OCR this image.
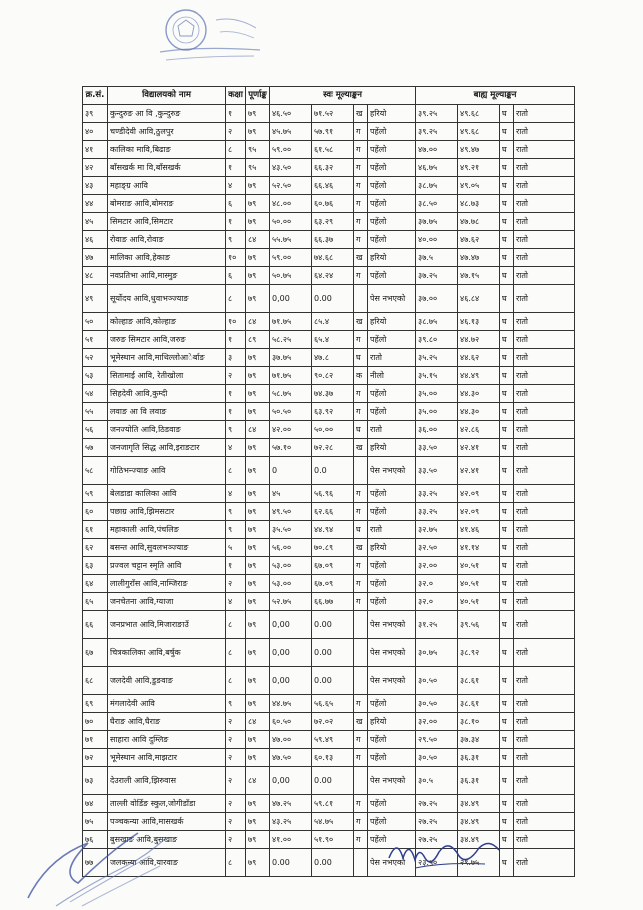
क्र.सं.	विद्यालयको नाम	कक्षा	पूर्णाङ्क	स्वः मूल्याङ्कन				बाह्य मूल्याङ्कन			
३९	कुन्दुरुङ आ वि ,कुन्दुरुङ	१	७९	४६.५०	७१.५२	ख	हरियो	३९.२५	४९.६८	घ	रातो
४०	चण्डीदेवी आवि,ठुलपुर	२	७९	४५.७५	५७.९१	ग	पहेंलो	३९.२५	४९.६८	घ	रातो
४१	कालिका मावि,बिढाङ	८	९५	५९.००	६१.५८	ग	पहेंलो	४७.००	४९.४७	घ	रातो
४२	बाँसखर्क मा वि,बाँसखर्क	१	९५	४३.५०	६६.३२	ग	पहेंलो	४६.७५	४९.२१	घ	रातो
४३	महाङ्ग्र आवि	४	७९	५२.५०	६६.४६	ग	पहेंलो	३८.७५	४९.०५	घ	रातो
४४	बोमराङ आवि,बोमराङ	६	७९	४८.००	६०.७६	ग	पहेंलो	३८.५०	४८.७३	घ	रातो
४५	सिमटार आवि,सिमटार	१	७९	५०.००	६३.२९	ग	पहेंलो	३७.७५	४७.७८	घ	रातो
४६	रोवाङ आवि,रोवाङ	९	८४	५५.७५	६६.३७	ग	पहेंलो	४०.००	४७.६२	घ	रातो
४७	मालिका आवि,हेकाङ	१०	७९	५९.००	७४.६८	ख	हरियो	३७.५	४७.४७	घ	रातो
४८	नवप्रतिभा आवि,मास्मुङ	६	७९	५०.७५	६४.२४	ग	पहेंलो	३७.२५	४७.१५	घ	रातो
४९	सूर्योदय आवि,धुवाभञ्ज्याङ	८	७९	0,00	0.00		पेस नभएको	३७.००	४६.८४	घ	रातो
५०	कोल्हाङ आवि,कोल्हाङ	१०	८४	७१.७५	८५.४	ख	हरियो	३८.७५	४६.१३	घ	रातो
५१	जरुङ सिमटार आवि,जरुङ	१	८९	५८.२५	६५.४	ग	पहेंलो	३९.८०	४४.७२	घ	रातो
५२	भूमेस्थान आवि,माथिल्लोआेर्बाङ	३	७९	३७.७५	४७.८	घ	रातो	३५.२५	४४.६२	घ	रातो
५३	सितामाई आवि, रेतीखोला	२	७९	७१.७५	९०.८२	क	नीलो	३५.१५	४४.४९	घ	रातो
५४	सिहदेवी आवि,कुम्दी	१	७९	५८.७५	७४.३७	ग	पहेंलो	३५.००	४४.३०	घ	रातो
५५	लवाङ आ वि लवाङ	१	७९	५०.५०	६३.९२	ग	पहेंलो	३५.००	४४.३०	घ	रातो
५६	जनज्योति आवि,ठिडवाङ	९	८४	४२.००	५०.००	घ	रातो	३६.००	४२.८६	घ	रातो
५७	जनजागृति सिद्ध आवि,इराङटार	४	७९	५७.१०	७२.२८	ख	हरियो	३३.५०	४२.४१	घ	रातो
५८	गोठिभन्ज्याङ आवि	८	७९	0	0.0		पेस नभएको	३३.५०	४२.४१	घ	रातो
५९	बेलडाडा कालिका आवि	४	७९	४५	५६.९६	ग	पहेंलो	३३.२५	४२.०९	घ	रातो
६०	पछाग्र आवि,झिमसटार	९	७९	४९.५०	६२.६६	ग	पहेंलो	३३.२५	४२.०९	घ	रातो
६१	महाकाली आवि,पंचलिङ	९	७९	३५.५०	४४.९४	घ	रातो	३२.७५	४१.४६	घ	रातो
६२	बसन्त आवि,सुवलभञ्ज्याङ	५	७९	५६.००	७०.८९	ख	हरियो	३२.५०	४१.१४	घ	रातो
६३	प्रज्वल चट्टान स्मृति आवि	१	७९	५३.००	६७.०९	ग	पहेंलो	३२.००	४०.५१	घ	रातो
६४	लालीगुराँस आवि,नाम्जिराङ	२	७९	५३.००	६७.०९	ग	पहेंलो	३२.०	४०.५१	घ	रातो
६५	जनचेतना आवि,ग्याजा	४	७९	५२.७५	६६.७७	ग	पहेंलो	३२.०	४०.५१	घ	रातो
६६	जनप्रभात आवि,मिजाराङाउँ	८	७९	0,00	0.00		पेस नभएको	३१.२५	३९.५६	घ	रातो
६७	चित्रकालिका आवि,बर्षुक	८	७९	0,00	0.00		पेस नभएको	३०.७५	३८.९२	घ	रातो
६८	जलदेवी आवि,डुङवाङ	८	७९	0,00	0.00		पेस नभएको	३०.५०	३८.६१	घ	रातो
६९	मंगलादेवी आवि	९	७९	४४.७५	५६.६५	ग	पहेंलो	३०.५०	३८.६१	घ	रातो
७०	घैराङ आवि,घैराङ	२	८४	६०.५०	७२.०२	ख	हरियो	३२.००	३८.१०	घ	रातो
७१	साहारा आवि दुम्लिङ	२	७९	४७.००	५९.४९	ग	पहेंलो	२९.५०	३७.३४	घ	रातो
७२	भूमेस्थान आवि,माझटार	२	७९	४७.५०	६०.१३	ग	पहेंलो	३०.५०	३६.३१	घ	रातो
७३	देउराली आवि,झिरुवास	२	८४	0,00	0.00		पेस नभएको	३०.५	३६.३१	घ	रातो
७४	ताल्ली वोर्डिङ स्कुल,जोगीडाँडा	२	७९	४७.२५	५९.८१	ग	पहेंलो	२७.२५	३४.४९	घ	रातो
७५	पञ्चकन्या आवि,मासखर्क	२	७९	४३.२५	५४.७५	ग	पहेंलो	२७.२५	३४.४९	घ	रातो
७६	बुसखाङ आवि,बुसखाङ	२	७९	४१.००	५१.९०	ग	पहेंलो	२७.२५	३४.४९	घ	रातो
७७	जलकन्या आवि,यारवाङ	८	७९	0.00	0.00		पेस नभएको	२३.५०	२९.७५	घ	रातो
